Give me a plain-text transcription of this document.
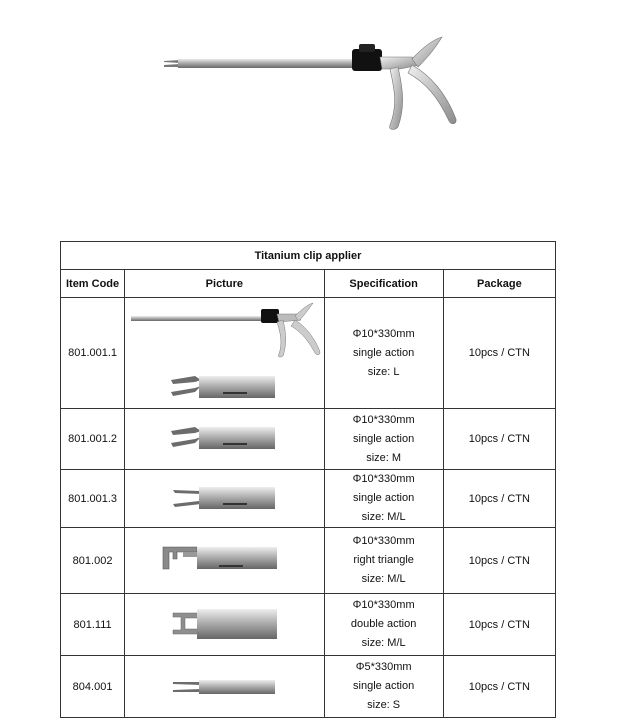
Titanium clip applier			
Item Code	Picture	Specification	Package
801.001.1		Φ10*330mm
single action
size: L	10pcs / CTN
801.001.2		Φ10*330mm
single action
size: M	10pcs / CTN
801.001.3		Φ10*330mm
single action
size: M/L	10pcs / CTN
801.002		Φ10*330mm
right triangle
size: M/L	10pcs / CTN
801.111		Φ10*330mm
double action
size: M/L	10pcs / CTN
804.001		Φ5*330mm
single action
size: S	10pcs / CTN
